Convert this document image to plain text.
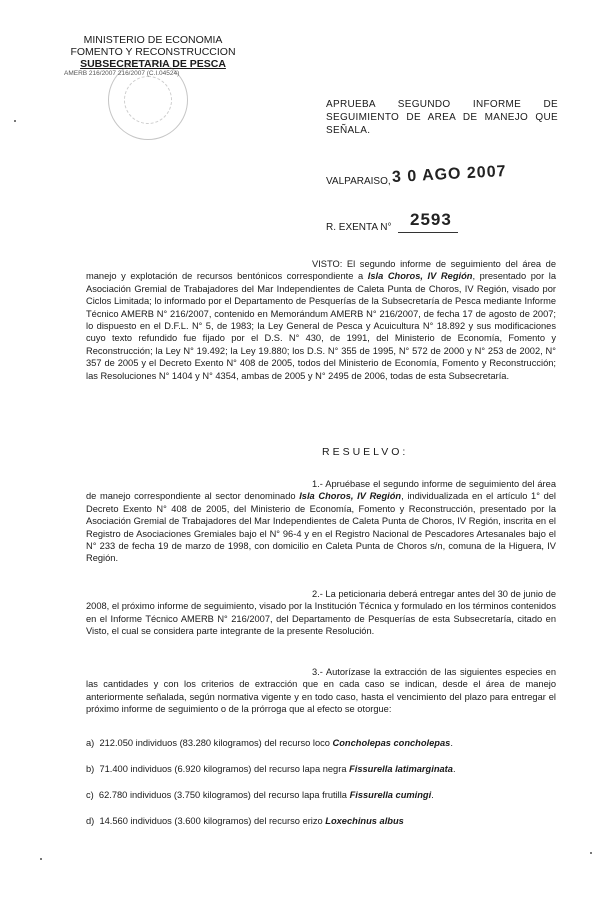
MINISTERIO DE ECONOMIA
FOMENTO Y RECONSTRUCCION
SUBSECRETARIA DE PESCA
AMERB 216/2007 216/2007 (C.I.04524)
APRUEBA SEGUNDO INFORME DE SEGUIMIENTO DE AREA DE MANEJO QUE SEÑALA.
VALPARAISO, 3 0 AGO 2007
R. EXENTA N° 2593
VISTO: El segundo informe de seguimiento del área de manejo y explotación de recursos bentónicos correspondiente a Isla Choros, IV Región, presentado por la Asociación Gremial de Trabajadores del Mar Independientes de Caleta Punta de Choros, IV Región, visado por Ciclos Limitada; lo informado por el Departamento de Pesquerías de la Subsecretaría de Pesca mediante Informe Técnico AMERB N° 216/2007, contenido en Memorándum AMERB N° 216/2007, de fecha 17 de agosto de 2007; lo dispuesto en el D.F.L. N° 5, de 1983; la Ley General de Pesca y Acuicultura N° 18.892 y sus modificaciones cuyo texto refundido fue fijado por el D.S. N° 430, de 1991, del Ministerio de Economía, Fomento y Reconstrucción; la Ley N° 19.492; la Ley 19.880; los D.S. N° 355 de 1995, N° 572 de 2000 y N° 253 de 2002, N° 357 de 2005 y el Decreto Exento N° 408 de 2005, todos del Ministerio de Economía, Fomento y Reconstrucción; las Resoluciones N° 1404 y N° 4354, ambas de 2005 y N° 2495 de 2006, todas de esta Subsecretaría.
RESUELVO:
1.- Apruébase el segundo informe de seguimiento del área de manejo correspondiente al sector denominado Isla Choros, IV Región, individualizada en el artículo 1° del Decreto Exento N° 408 de 2005, del Ministerio de Economía, Fomento y Reconstrucción, presentado por la Asociación Gremial de Trabajadores del Mar Independientes de Caleta Punta de Choros, IV Región, inscrita en el Registro de Asociaciones Gremiales bajo el N° 96-4 y en el Registro Nacional de Pescadores Artesanales bajo el N° 233 de fecha 19 de marzo de 1998, con domicilio en Caleta Punta de Choros s/n, comuna de la Higuera, IV Región.
2.- La peticionaria deberá entregar antes del 30 de junio de 2008, el próximo informe de seguimiento, visado por la Institución Técnica y formulado en los términos contenidos en el Informe Técnico AMERB N° 216/2007, del Departamento de Pesquerías de esta Subsecretaría, citado en Visto, el cual se considera parte integrante de la presente Resolución.
3.- Autorízase la extracción de las siguientes especies en las cantidades y con los criterios de extracción que en cada caso se indican, desde el área de manejo anteriormente señalada, según normativa vigente y en todo caso, hasta el vencimiento del plazo para entregar el próximo informe de seguimiento o de la prórroga que al efecto se otorgue:
a) 212.050 individuos (83.280 kilogramos) del recurso loco Concholepas concholepas.
b) 71.400 individuos (6.920 kilogramos) del recurso lapa negra Fissurella latimarginata.
c) 62.780 individuos (3.750 kilogramos) del recurso lapa frutilla Fissurella cumingi.
d) 14.560 individuos (3.600 kilogramos) del recurso erizo Loxechinus albus
